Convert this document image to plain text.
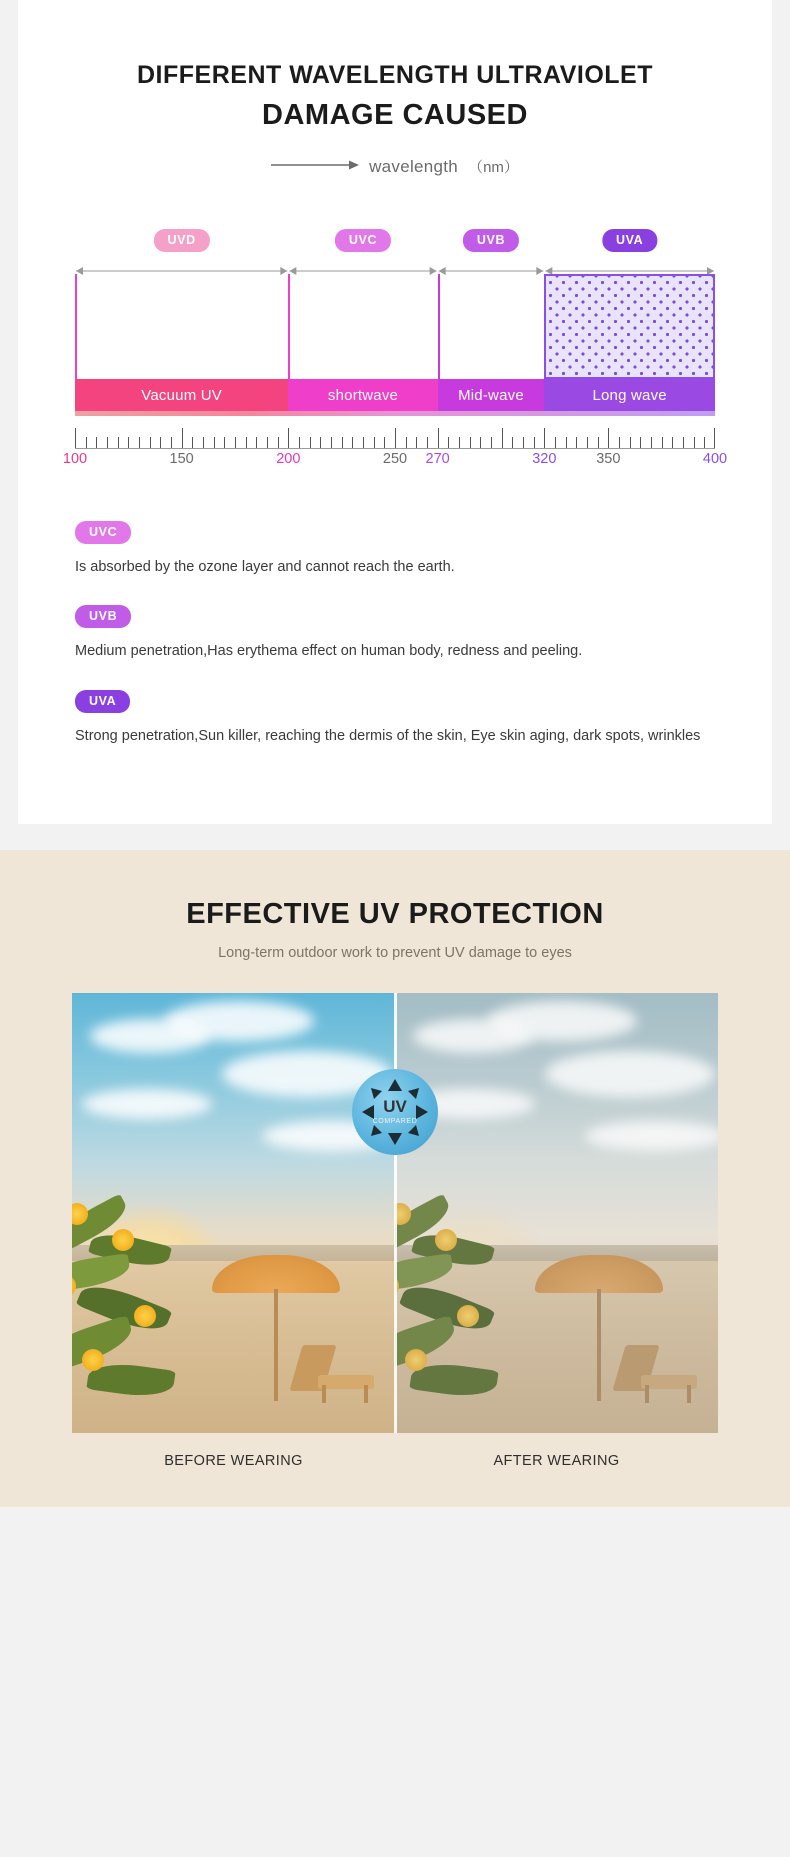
DIFFERENT WAVELENGTH ULTRAVIOLET
DAMAGE CAUSED
wavelength （nm）
UVD	UVC	UVB	UVA
Vacuum UV	shortwave	Mid-wave	Long wave
100	150	200	250 270	320	350	400
UVC
Is absorbed by the ozone layer and cannot reach the earth.
UVB
Medium penetration,Has erythema effect on human body, redness and peeling.
UVA
Strong penetration,Sun killer, reaching the dermis of the skin, Eye skin aging, dark spots, wrinkles
EFFECTIVE UV PROTECTION
Long-term outdoor work to prevent UV damage to eyes
UV
COMPARED
BEFORE WEARING	AFTER WEARING
